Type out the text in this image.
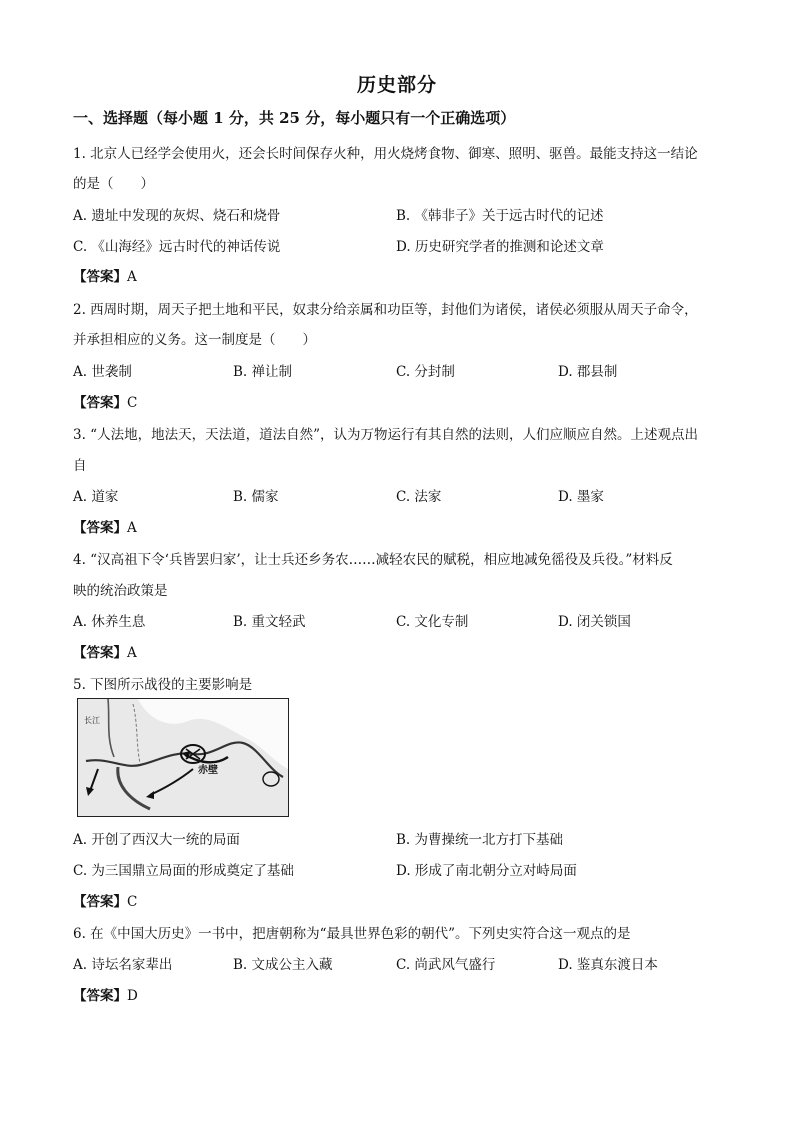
历史部分
一、选择题（每小题 1 分，共 25 分，每小题只有一个正确选项）
1. 北京人已经学会使用火，还会长时间保存火种，用火烧烤食物、御寒、照明、驱兽。最能支持这一结论
的是（　　）
A. 遗址中发现的灰烬、烧石和烧骨	B. 《韩非子》关于远古时代的记述
C. 《山海经》远古时代的神话传说	D. 历史研究学者的推测和论述文章
【答案】A
2. 西周时期，周天子把土地和平民，奴隶分给亲属和功臣等，封他们为诸侯，诸侯必须服从周天子命令，
并承担相应的义务。这一制度是（　　）
A. 世袭制	B. 禅让制	C. 分封制	D. 郡县制
【答案】C
3. “人法地，地法天，天法道，道法自然”，认为万物运行有其自然的法则，人们应顺应自然。上述观点出
自
A. 道家	B. 儒家	C. 法家	D. 墨家
【答案】A
4. “汉高祖下令‘兵皆罢归家’，让士兵还乡务农……减轻农民的赋税，相应地减免徭役及兵役。”材料反
映的统治政策是
A. 休养生息	B. 重文轻武	C. 文化专制	D. 闭关锁国
【答案】A
5. 下图所示战役的主要影响是
长江
赤壁
A. 开创了西汉大一统的局面	B. 为曹操统一北方打下基础
C. 为三国鼎立局面的形成奠定了基础	D. 形成了南北朝分立对峙局面
【答案】C
6. 在《中国大历史》一书中，把唐朝称为“最具世界色彩的朝代”。下列史实符合这一观点的是
A. 诗坛名家辈出	B. 文成公主入藏	C. 尚武风气盛行	D. 鉴真东渡日本
【答案】D
